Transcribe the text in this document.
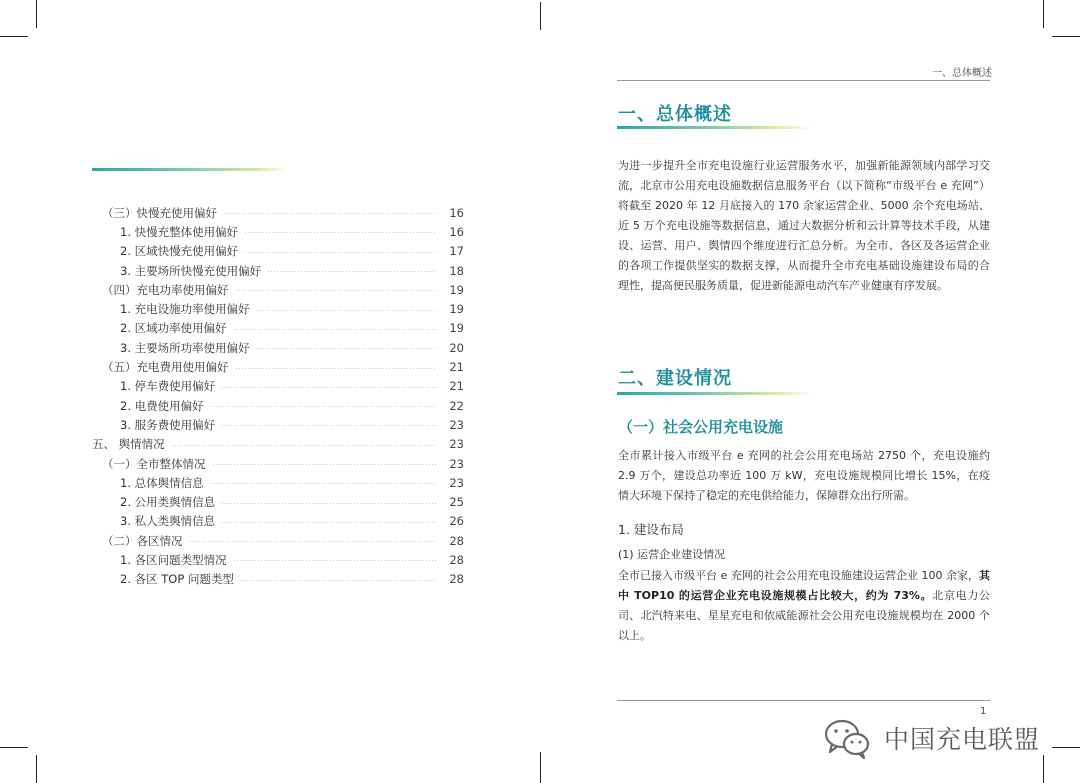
（三）快慢充使用偏好	16
1. 快慢充整体使用偏好	16
2. 区域快慢充使用偏好	17
3. 主要场所快慢充使用偏好	18
（四）充电功率使用偏好	19
1. 充电设施功率使用偏好	19
2. 区域功率使用偏好	19
3. 主要场所功率使用偏好	20
（五）充电费用使用偏好	21
1. 停车费使用偏好	21
2. 电费使用偏好	22
3. 服务费使用偏好	23
五、 舆情情况	23
（一）全市整体情况	23
1. 总体舆情信息	23
2. 公用类舆情信息	25
3. 私人类舆情信息	26
（二）各区情况	28
1. 各区问题类型情况	28
2. 各区 TOP 问题类型	28
一、总体概述
一、总体概述
为进一步提升全市充电设施行业运营服务水平，加强新能源领域内部学习交流，北京市公用充电设施数据信息服务平台（以下简称“市级平台 e 充网”）将截至 2020 年 12 月底接入的 170 余家运营企业、5000 余个充电场站、近 5 万个充电设施等数据信息，通过大数据分析和云计算等技术手段，从建设、运营、用户、舆情四个维度进行汇总分析。为全市、各区及各运营企业的各项工作提供坚实的数据支撑，从而提升全市充电基础设施建设布局的合理性，提高便民服务质量，促进新能源电动汽车产业健康有序发展。
二、建设情况
（一）社会公用充电设施
全市累计接入市级平台 e 充网的社会公用充电场站 2750 个，充电设施约 2.9 万个，建设总功率近 100 万 kW，充电设施规模同比增长 15%，在疫情大环境下保持了稳定的充电供给能力，保障群众出行所需。
1. 建设布局
(1) 运营企业建设情况
全市已接入市级平台 e 充网的社会公用充电设施建设运营企业 100 余家，其中 TOP10 的运营企业充电设施规模占比较大，约为 73%。北京电力公司、北汽特来电、星星充电和依威能源社会公用充电设施规模均在 2000 个以上。
1
中国充电联盟
